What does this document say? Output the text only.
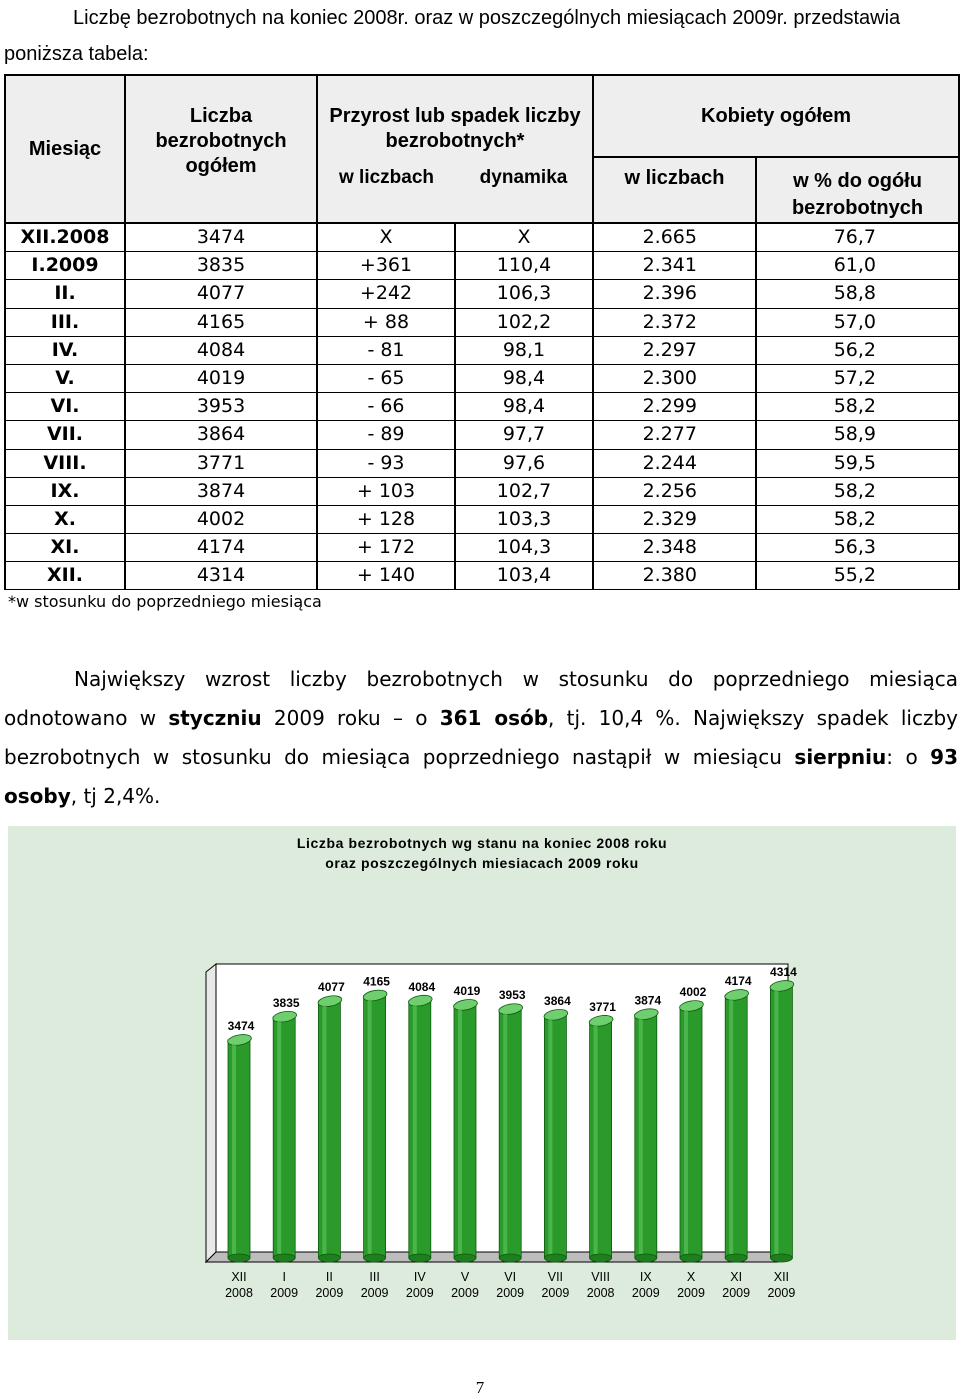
Liczbę bezrobotnych na koniec 2008r. oraz w poszczególnych miesiącach 2009r. przedstawia
poniższa tabela:
Miesiąc	Liczba bezrobotnych ogółem	Przyrost lub spadek liczby bezrobotnych*		Kobiety ogółem	
		w liczbach	dynamika	w liczbach	w % do ogółu bezrobotnych
XII.2008	3474	X	X	2.665	76,7
I.2009	3835	+361	110,4	2.341	61,0
II.	4077	+242	106,3	2.396	58,8
III.	4165	+ 88	102,2	2.372	57,0
IV.	4084	- 81	98,1	2.297	56,2
V.	4019	- 65	98,4	2.300	57,2
VI.	3953	- 66	98,4	2.299	58,2
VII.	3864	- 89	97,7	2.277	58,9
VIII.	3771	- 93	97,6	2.244	59,5
IX.	3874	+ 103	102,7	2.256	58,2
X.	4002	+ 128	103,3	2.329	58,2
XI.	4174	+ 172	104,3	2.348	56,3
XII.	4314	+ 140	103,4	2.380	55,2
*w stosunku do poprzedniego miesiąca
Największy wzrost liczby bezrobotnych w stosunku do poprzedniego miesiąca odnotowano w styczniu 2009 roku – o 361 osób, tj. 10,4 %. Największy spadek liczby bezrobotnych w stosunku do miesiąca poprzedniego nastąpił w miesiącu sierpniu: o 93 osoby, tj 2,4%.
Liczba bezrobotnych wg stanu na koniec 2008 roku
oraz poszczególnych miesiacach 2009 roku
3474
XII
2008
3835
I
2009
4077
II
2009
4165
III
2009
4084
IV
2009
4019
V
2009
3953
VI
2009
3864
VII
2009
3771
VIII
2008
3874
IX
2009
4002
X
2009
4174
XI
2009
4314
XII
2009
7
